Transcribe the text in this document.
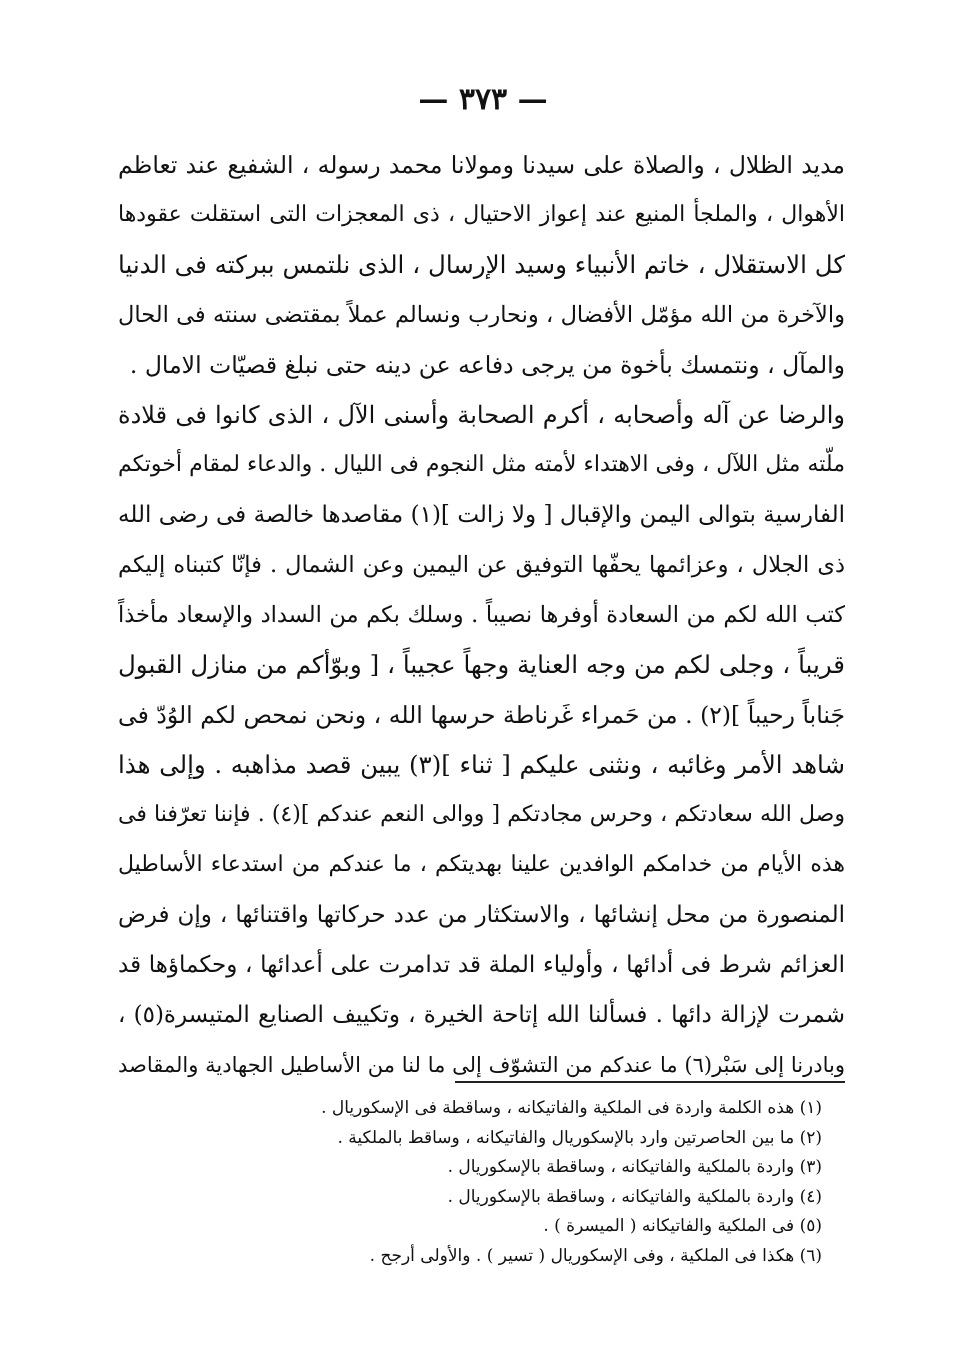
— ٣٧٣ —
مديد الظلال ، والصلاة على سيدنا ومولانا محمد رسوله ، الشفيع عند تعاظم
الأهوال ، والملجأ المنيع عند إعواز الاحتيال ، ذى المعجزات التى استقلت عقودها
كل الاستقلال ، خاتم الأنبياء وسيد الإرسال ، الذى نلتمس ببركته فى الدنيا
والآخرة من الله مؤمّل الأفضال ، ونحارب ونسالم عملاً بمقتضى سنته فى الحال
والمآل ، ونتمسك بأخوة من يرجى دفاعه عن دينه حتى نبلغ قصيّات الامال .
والرضا عن آله وأصحابه ، أكرم الصحابة وأسنى الآل ، الذى كانوا فى قلادة
ملّته مثل اللآل ، وفى الاهتداء لأمته مثل النجوم فى الليال . والدعاء لمقام أخوتكم
الفارسية بتوالى اليمن والإقبال [ ولا زالت ](١) مقاصدها خالصة فى رضى الله
ذى الجلال ، وعزائمها يحفّها التوفيق عن اليمين وعن الشمال . فإنّا كتبناه إليكم
كتب الله لكم من السعادة أوفرها نصيباً . وسلك بكم من السداد والإسعاد مأخذاً
قريباً ، وجلى لكم من وجه العناية وجهاً عجيباً ، [ وبوّأكم من منازل القبول
جَناباً رحيباً ](٢) . من حَمراء غَرناطة حرسها الله ، ونحن نمحص لكم الوُدّ فى
شاهد الأمر وغائبه ، ونثنى عليكم [ ثناء ](٣) يبين قصد مذاهبه . وإلى هذا
وصل الله سعادتكم ، وحرس مجادتكم [ ووالى النعم عندكم ](٤) . فإننا تعرّفنا فى
هذه الأيام من خدامكم الوافدين علينا بهديتكم ، ما عندكم من استدعاء الأساطيل
المنصورة من محل إنشائها ، والاستكثار من عدد حركاتها واقتنائها ، وإن فرض
العزائم شرط فى أدائها ، وأولياء الملة قد تدامرت على أعدائها ، وحكماؤها قد
شمرت لإزالة دائها . فسألنا الله إتاحة الخيرة ، وتكييف الصنايع المتيسرة(٥) ،
وبادرنا إلى سَبْر(٦) ما عندكم من التشوّف إلى ما لنا من الأساطيل الجهادية والمقاصد
(١) هذه الكلمة واردة فى الملكية والفاتيكانه ، وساقطة فى الإسكوريال .
(٢) ما بين الحاصرتين وارد بالإسكوريال والفاتيكانه ، وساقط بالملكية .
(٣) واردة بالملكية والفاتيكانه ، وساقطة بالإسكوريال .
(٤) واردة بالملكية والفاتيكانه ، وساقطة بالإسكوريال .
(٥) فى الملكية والفاتيكانه ( الميسرة ) .
(٦) هكذا فى الملكية ، وفى الإسكوريال ( تسير ) . والأولى أرجح .
